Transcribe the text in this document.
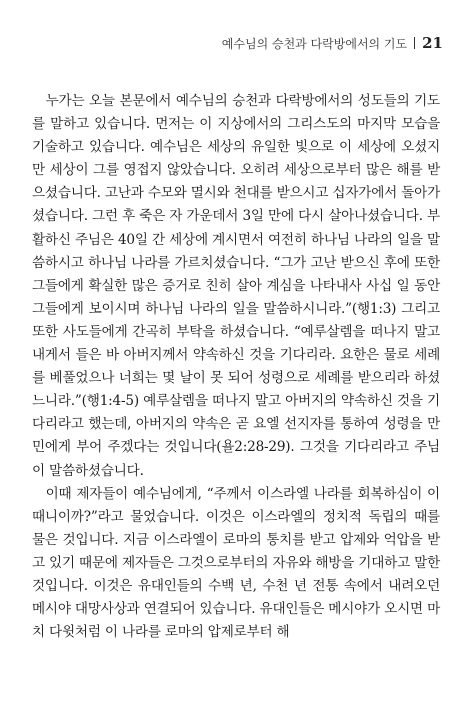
예수님의 승천과 다락방에서의 기도 21

누가는 오늘 본문에서 예수님의 승천과 다락방에서의 성도들의 기도를 말하고 있습니다. 먼저는 이 지상에서의 그리스도의 마지막 모습을 기술하고 있습니다. 예수님은 세상의 유일한 빛으로 이 세상에 오셨지만 세상이 그를 영접지 않았습니다. 오히려 세상으로부터 많은 해를 받으셨습니다. 고난과 수모와 멸시와 천대를 받으시고 십자가에서 돌아가셨습니다. 그런 후 죽은 자 가운데서 3일 만에 다시 살아나셨습니다. 부활하신 주님은 40일 간 세상에 계시면서 여전히 하나님 나라의 일을 말씀하시고 하나님 나라를 가르치셨습니다. “그가 고난 받으신 후에 또한 그들에게 확실한 많은 증거로 친히 살아 계심을 나타내사 사십 일 동안 그들에게 보이시며 하나님 나라의 일을 말씀하시니라.”(행1:3) 그리고 또한 사도들에게 간곡히 부탁을 하셨습니다. “예루살렘을 떠나지 말고 내게서 들은 바 아버지께서 약속하신 것을 기다리라. 요한은 물로 세례를 베풀었으나 너희는 몇 날이 못 되어 성령으로 세례를 받으리라 하셨느니라.”(행1:4-5) 예루살렘을 떠나지 말고 아버지의 약속하신 것을 기다리라고 했는데, 아버지의 약속은 곧 요엘 선지자를 통하여 성령을 만민에게 부어 주겠다는 것입니다(욜2:28-29). 그것을 기다리라고 주님이 말씀하셨습니다.

이때 제자들이 예수님에게, “주께서 이스라엘 나라를 회복하심이 이 때니이까?”라고 물었습니다. 이것은 이스라엘의 정치적 독립의 때를 물은 것입니다. 지금 이스라엘이 로마의 통치를 받고 압제와 억압을 받고 있기 때문에 제자들은 그것으로부터의 자유와 해방을 기대하고 말한 것입니다. 이것은 유대인들의 수백 년, 수천 년 전통 속에서 내려오던 메시야 대망사상과 연결되어 있습니다. 유대인들은 메시야가 오시면 마치 다윗처럼 이 나라를 로마의 압제로부터 해
